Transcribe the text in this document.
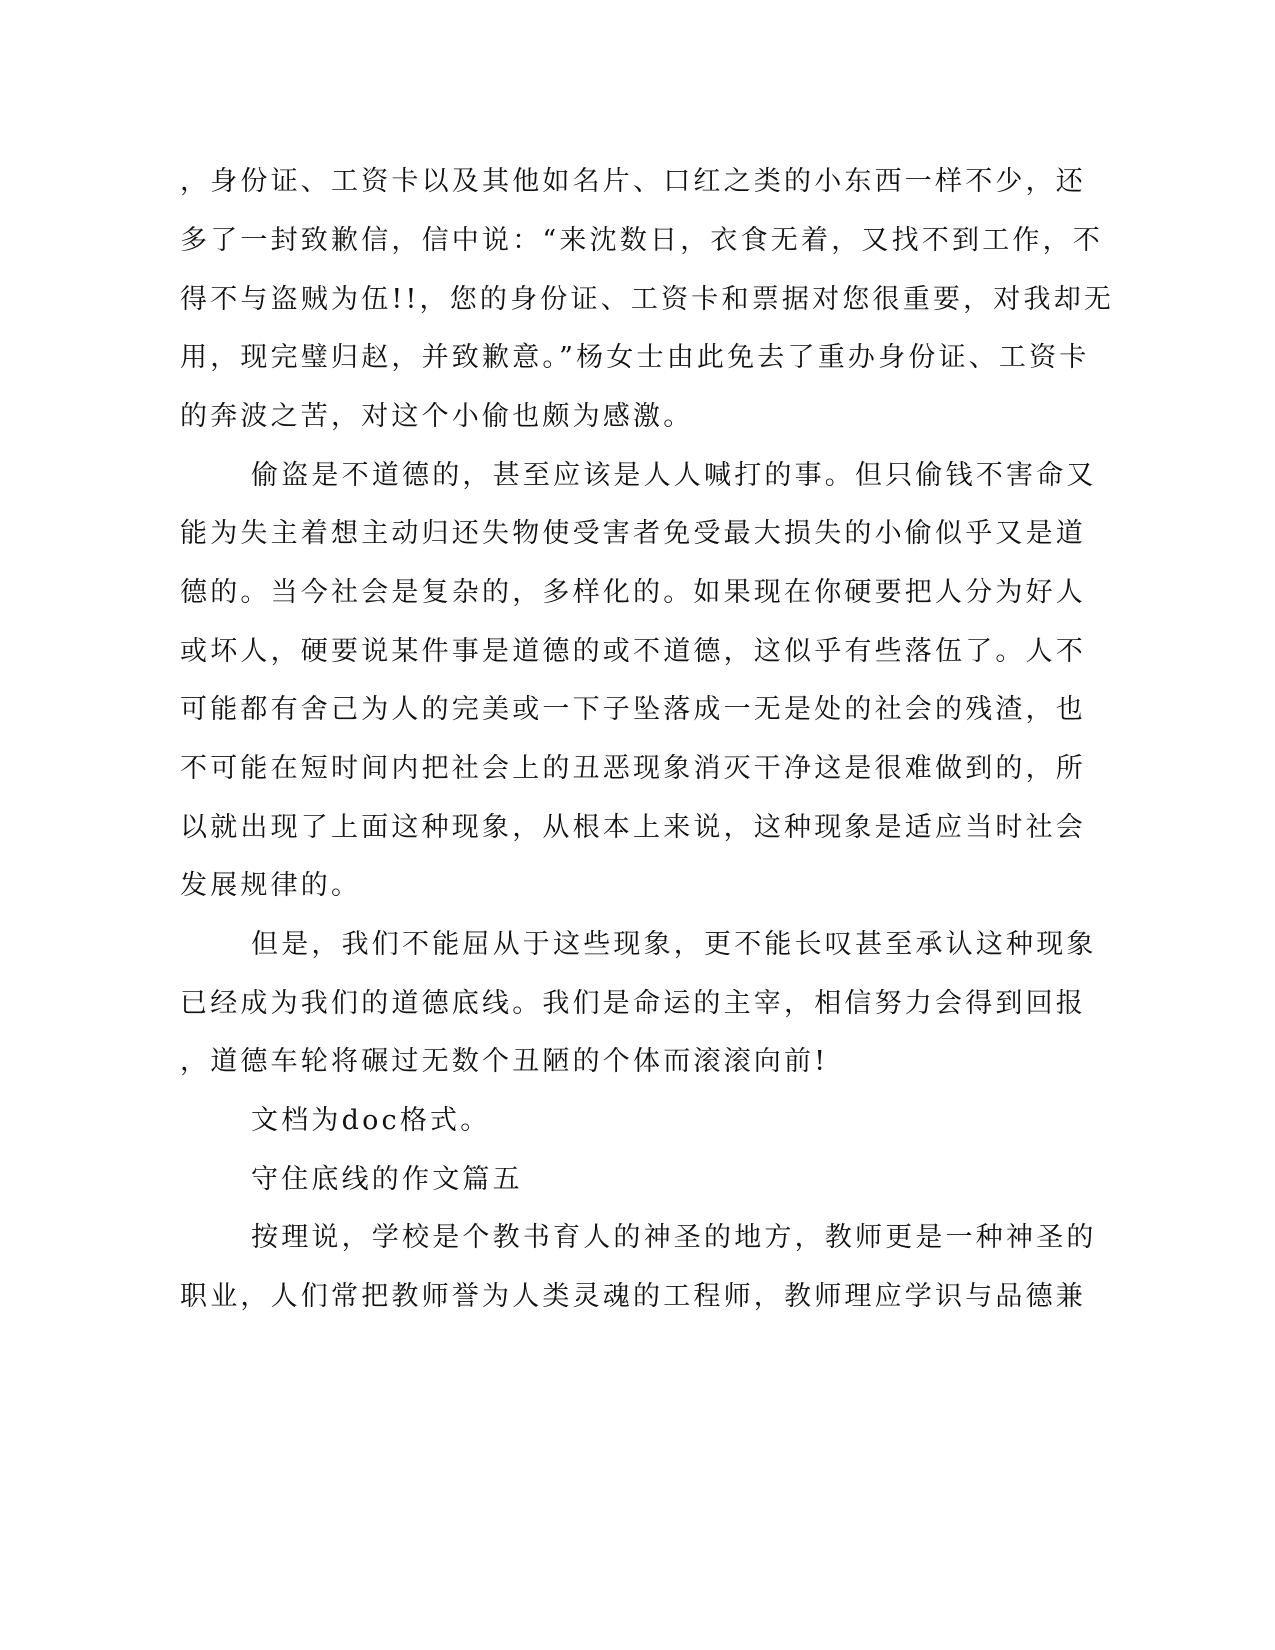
，身份证、工资卡以及其他如名片、口红之类的小东西一样不少，还
多了一封致歉信，信中说：“来沈数日，衣食无着，又找不到工作，不
得不与盗贼为伍!!，您的身份证、工资卡和票据对您很重要，对我却无
用，现完璧归赵，并致歉意。”杨女士由此免去了重办身份证、工资卡
的奔波之苦，对这个小偷也颇为感激。
偷盗是不道德的，甚至应该是人人喊打的事。但只偷钱不害命又
能为失主着想主动归还失物使受害者免受最大损失的小偷似乎又是道
德的。当今社会是复杂的，多样化的。如果现在你硬要把人分为好人
或坏人，硬要说某件事是道德的或不道德，这似乎有些落伍了。人不
可能都有舍己为人的完美或一下子坠落成一无是处的社会的残渣，也
不可能在短时间内把社会上的丑恶现象消灭干净这是很难做到的，所
以就出现了上面这种现象，从根本上来说，这种现象是适应当时社会
发展规律的。
但是，我们不能屈从于这些现象，更不能长叹甚至承认这种现象
已经成为我们的道德底线。我们是命运的主宰，相信努力会得到回报
，道德车轮将碾过无数个丑陋的个体而滚滚向前!
文档为doc格式。
守住底线的作文篇五
按理说，学校是个教书育人的神圣的地方，教师更是一种神圣的
职业，人们常把教师誉为人类灵魂的工程师，教师理应学识与品德兼
